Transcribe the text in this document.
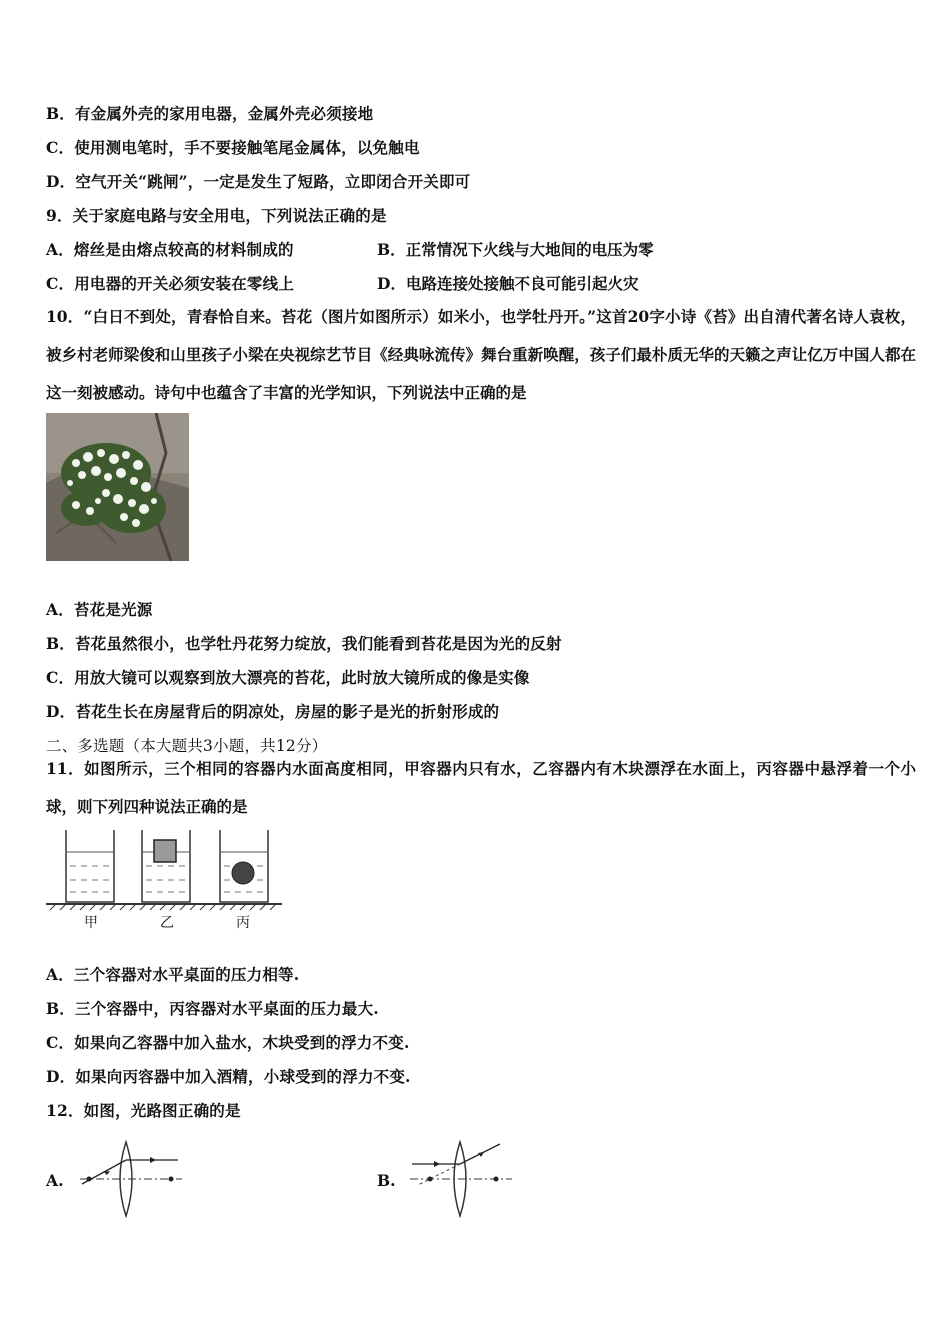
B．有金属外壳的家用电器，金属外壳必须接地
C．使用测电笔时，手不要接触笔尾金属体，以免触电
D．空气开关“跳闸”，一定是发生了短路，立即闭合开关即可
9．关于家庭电路与安全用电，下列说法正确的是
A．熔丝是由熔点较高的材料制成的	B．正常情况下火线与大地间的电压为零
C．用电器的开关必须安装在零线上	D．电路连接处接触不良可能引起火灾
10．“白日不到处，青春恰自来。苔花（图片如图所示）如米小，也学牡丹开。”这首20字小诗《苔》出自清代著名诗人袁枚，被乡村老师梁俊和山里孩子小梁在央视综艺节目《经典咏流传》舞台重新唤醒，孩子们最朴质无华的天籁之声让亿万中国人都在这一刻被感动。诗句中也蕴含了丰富的光学知识，下列说法中正确的是
A．苔花是光源
B．苔花虽然很小，也学牡丹花努力绽放，我们能看到苔花是因为光的反射
C．用放大镜可以观察到放大漂亮的苔花，此时放大镜所成的像是实像
D．苔花生长在房屋背后的阴凉处，房屋的影子是光的折射形成的
二、多选题（本大题共3小题，共12分）
11．如图所示，三个相同的容器内水面高度相同，甲容器内只有水，乙容器内有木块漂浮在水面上，丙容器中悬浮着一个小球，则下列四种说法正确的是
甲	乙	丙
A．三个容器对水平桌面的压力相等.
B．三个容器中，丙容器对水平桌面的压力最大.
C．如果向乙容器中加入盐水，木块受到的浮力不变.
D．如果向丙容器中加入酒精，小球受到的浮力不变.
12．如图，光路图正确的是
A.	B.
